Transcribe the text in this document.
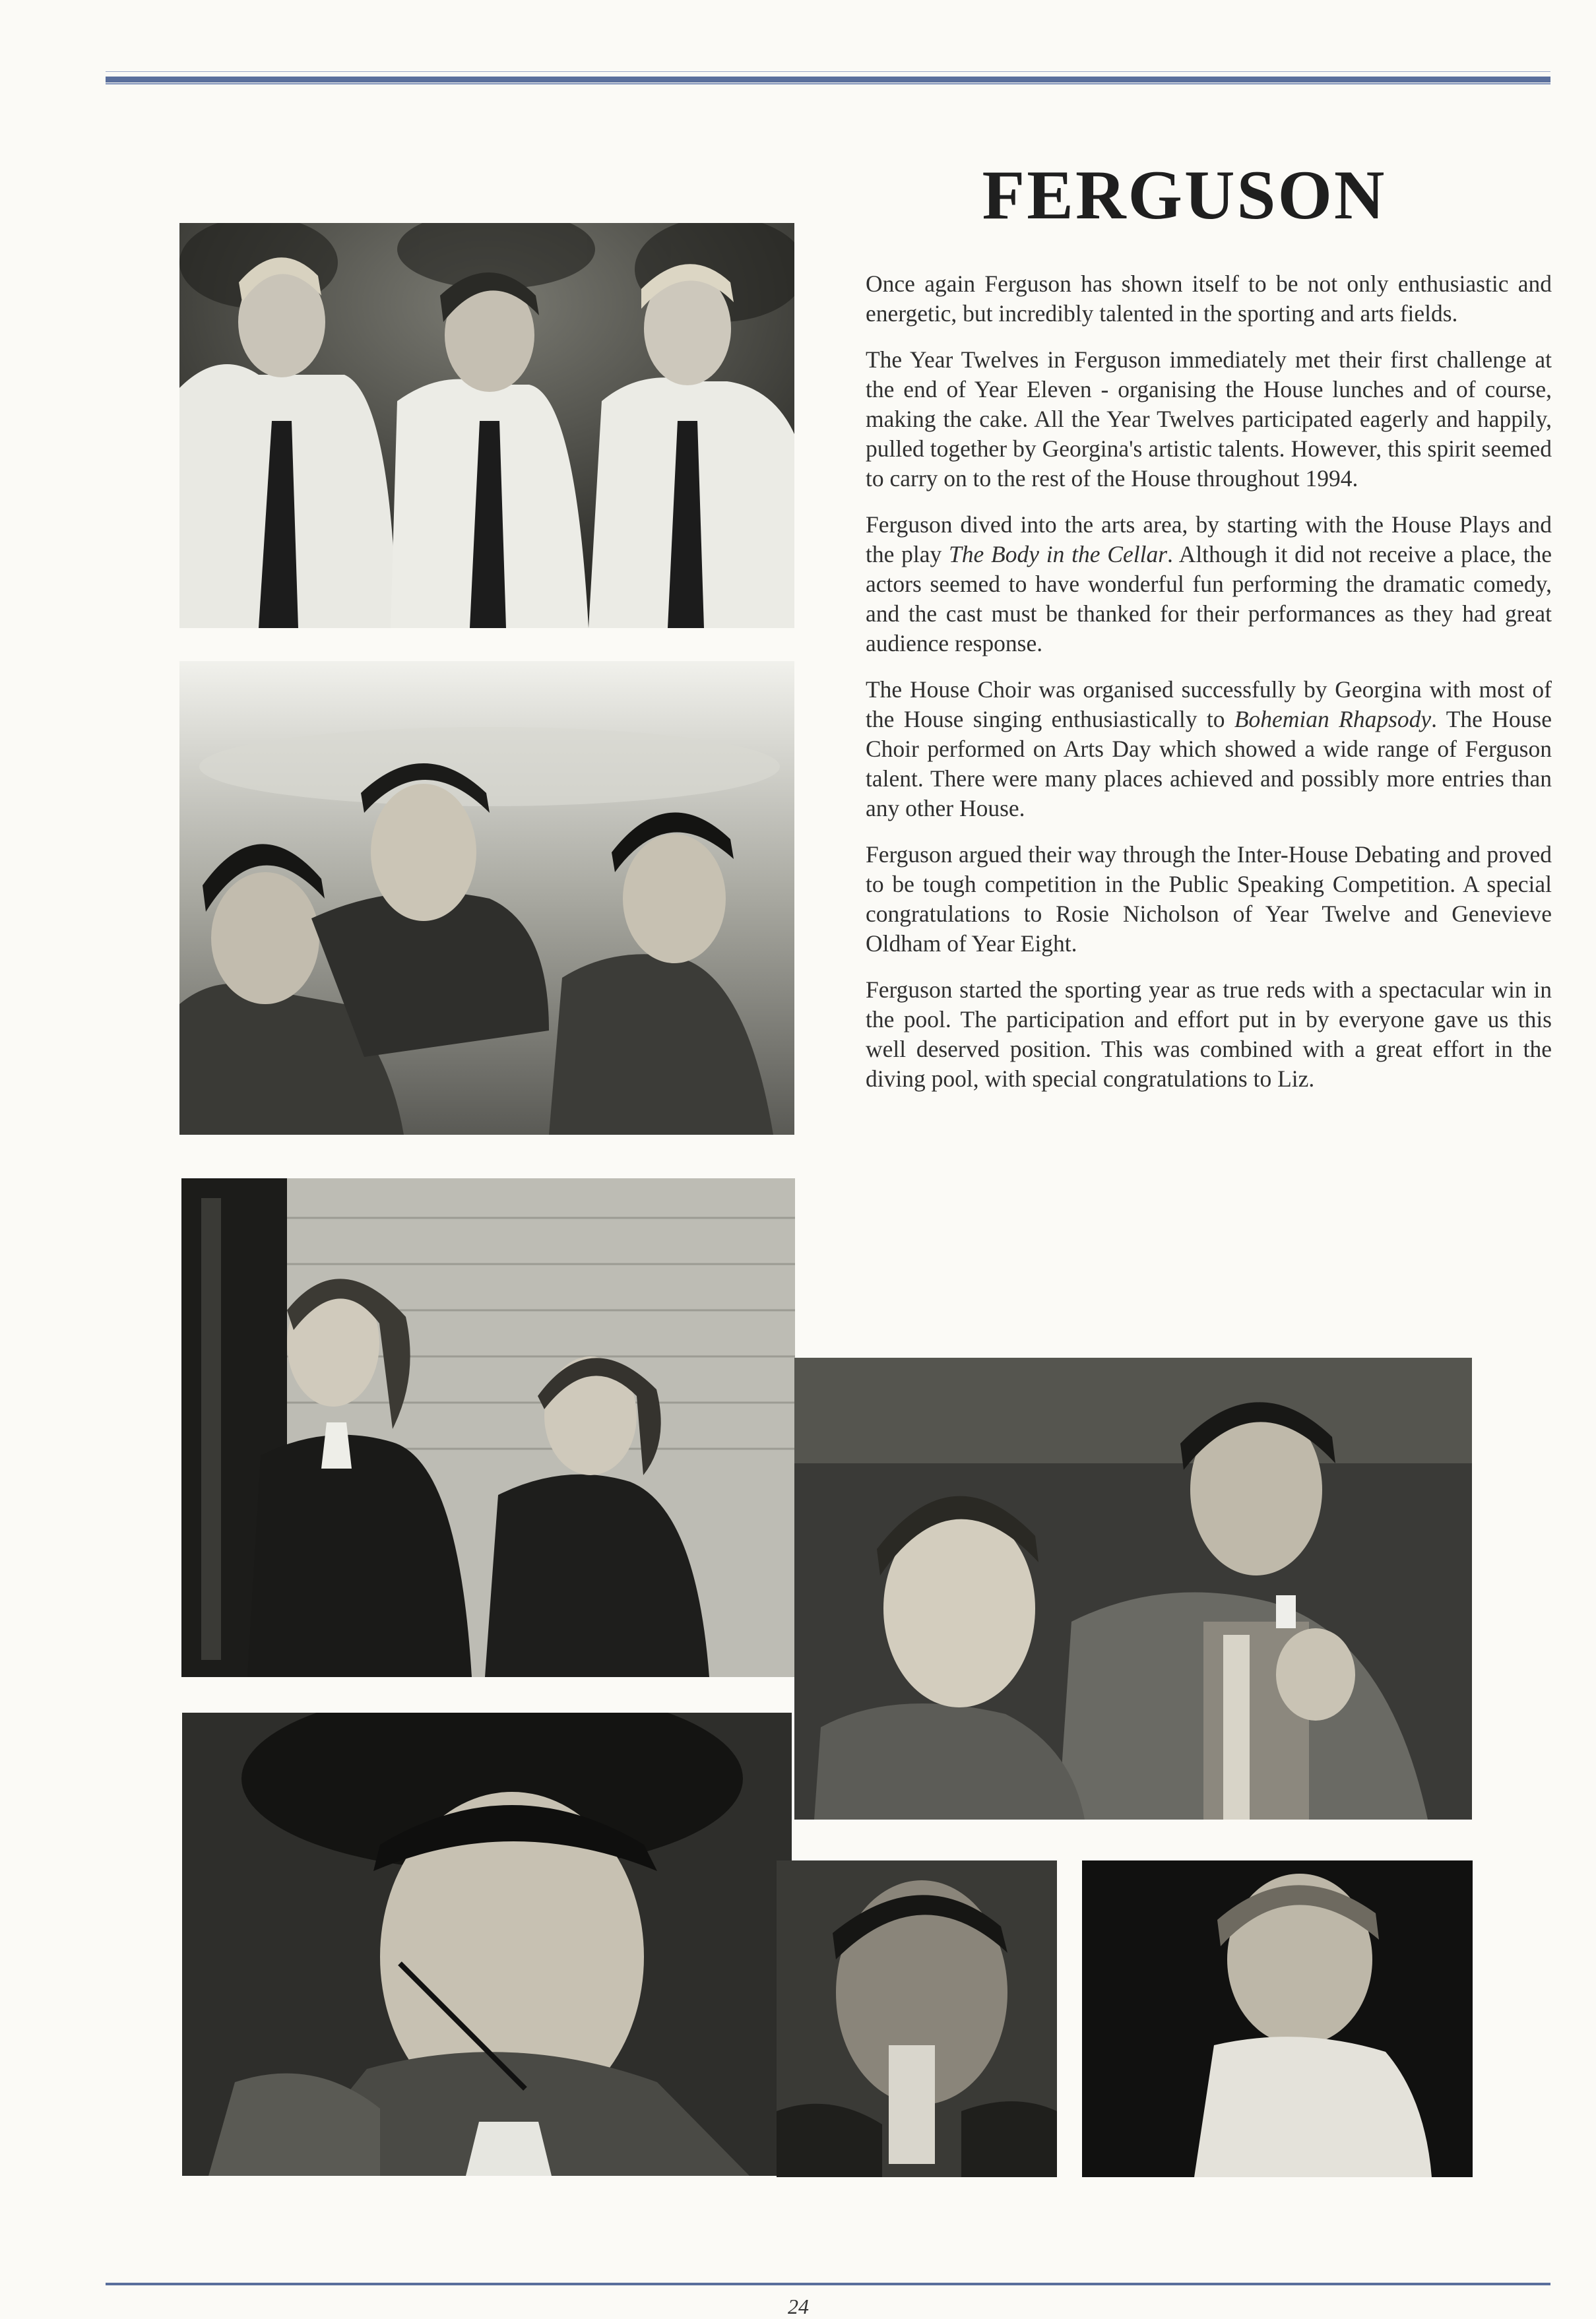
FERGUSON

Once again Ferguson has shown itself to be not only enthusiastic and energetic, but incredibly talented in the sporting and arts fields.

The Year Twelves in Ferguson immediately met their first challenge at the end of Year Eleven - organising the House lunches and of course, making the cake. All the Year Twelves participated eagerly and happily, pulled together by Georgina's artistic talents. However, this spirit seemed to carry on to the rest of the House throughout 1994.

Ferguson dived into the arts area, by starting with the House Plays and the play The Body in the Cellar. Although it did not receive a place, the actors seemed to have wonderful fun performing the dramatic comedy, and the cast must be thanked for their performances as they had great audience response.

The House Choir was organised successfully by Georgina with most of the House singing enthusiastically to Bohemian Rhapsody. The House Choir performed on Arts Day which showed a wide range of Ferguson talent. There were many places achieved and possibly more entries than any other House.

Ferguson argued their way through the Inter-House Debating and proved to be tough competition in the Public Speaking Competition. A special congratulations to Rosie Nicholson of Year Twelve and Genevieve Oldham of Year Eight.

Ferguson started the sporting year as true reds with a spectacular win in the pool. The participation and effort put in by everyone gave us this well deserved position. This was combined with a great effort in the diving pool, with special congratulations to Liz.

24
